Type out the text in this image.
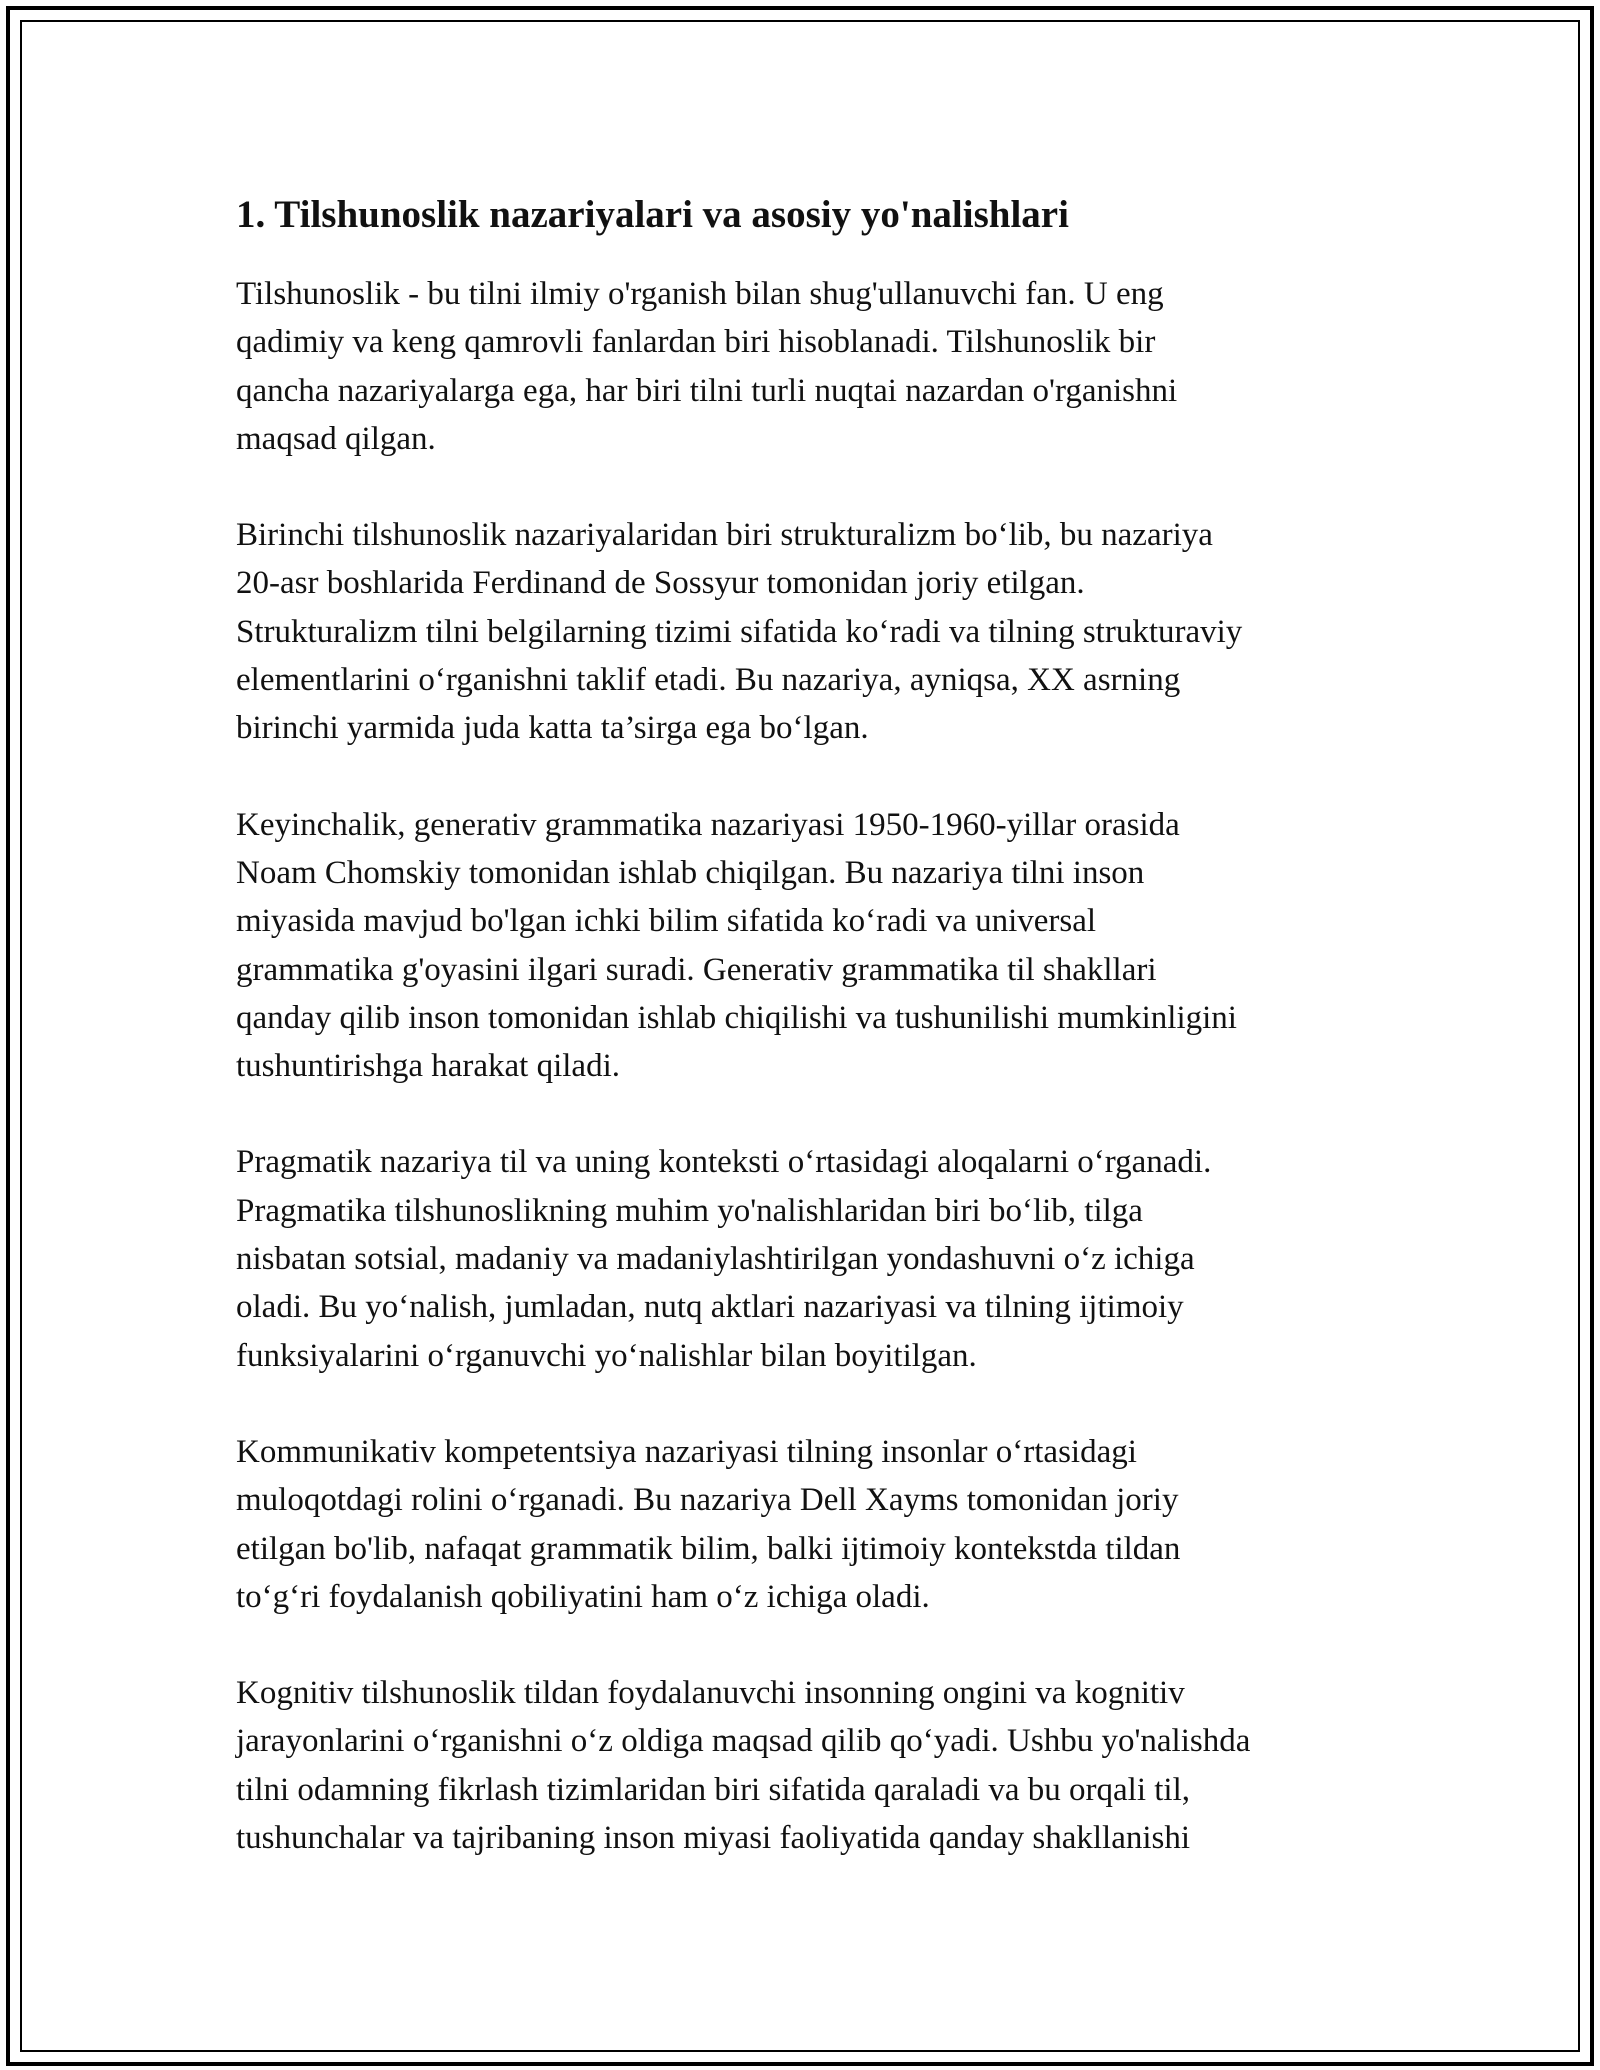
1. Tilshunoslik nazariyalari va asosiy yo'nalishlari

Tilshunoslik - bu tilni ilmiy o'rganish bilan shug'ullanuvchi fan. U eng
qadimiy va keng qamrovli fanlardan biri hisoblanadi. Tilshunoslik bir
qancha nazariyalarga ega, har biri tilni turli nuqtai nazardan o'rganishni
maqsad qilgan.

Birinchi tilshunoslik nazariyalaridan biri strukturalizm bo‘lib, bu nazariya
20-asr boshlarida Ferdinand de Sossyur tomonidan joriy etilgan.
Strukturalizm tilni belgilarning tizimi sifatida ko‘radi va tilning strukturaviy
elementlarini o‘rganishni taklif etadi. Bu nazariya, ayniqsa, XX asrning
birinchi yarmida juda katta ta’sirga ega bo‘lgan.

Keyinchalik, generativ grammatika nazariyasi 1950-1960-yillar orasida
Noam Chomskiy tomonidan ishlab chiqilgan. Bu nazariya tilni inson
miyasida mavjud bo'lgan ichki bilim sifatida ko‘radi va universal
grammatika g'oyasini ilgari suradi. Generativ grammatika til shakllari
qanday qilib inson tomonidan ishlab chiqilishi va tushunilishi mumkinligini
tushuntirishga harakat qiladi.

Pragmatik nazariya til va uning konteksti o‘rtasidagi aloqalarni o‘rganadi.
Pragmatika tilshunoslikning muhim yo'nalishlaridan biri bo‘lib, tilga
nisbatan sotsial, madaniy va madaniylashtirilgan yondashuvni o‘z ichiga
oladi. Bu yo‘nalish, jumladan, nutq aktlari nazariyasi va tilning ijtimoiy
funksiyalarini o‘rganuvchi yo‘nalishlar bilan boyitilgan.

Kommunikativ kompetentsiya nazariyasi tilning insonlar o‘rtasidagi
muloqotdagi rolini o‘rganadi. Bu nazariya Dell Xayms tomonidan joriy
etilgan bo'lib, nafaqat grammatik bilim, balki ijtimoiy kontekstda tildan
to‘g‘ri foydalanish qobiliyatini ham o‘z ichiga oladi.

Kognitiv tilshunoslik tildan foydalanuvchi insonning ongini va kognitiv
jarayonlarini o‘rganishni o‘z oldiga maqsad qilib qo‘yadi. Ushbu yo'nalishda
tilni odamning fikrlash tizimlaridan biri sifatida qaraladi va bu orqali til,
tushunchalar va tajribaning inson miyasi faoliyatida qanday shakllanishi
